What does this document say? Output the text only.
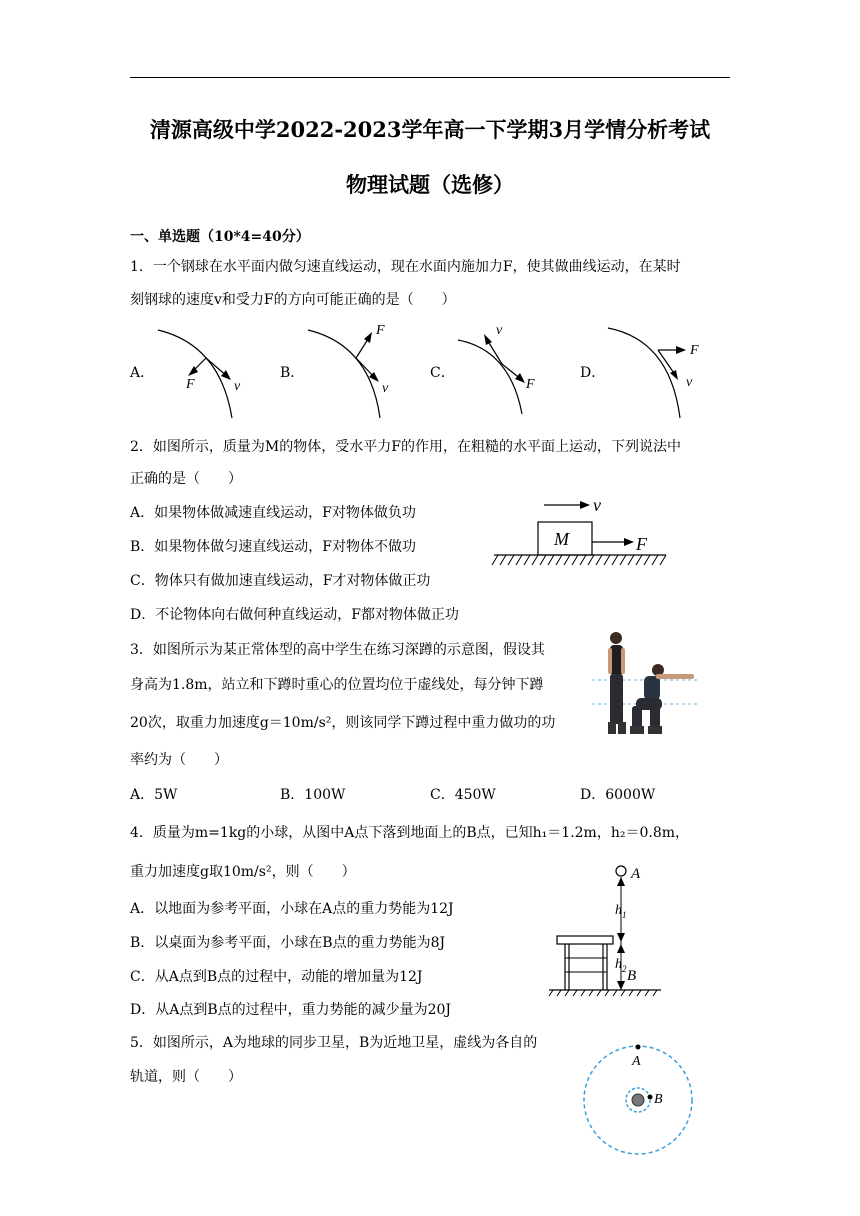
清源高级中学2022-2023学年高一下学期3月学情分析考试
物理试题（选修）
一、单选题（10*4=40分）
1．一个钢球在水平面内做匀速直线运动，现在水面内施加力F，使其做曲线运动，在某时
刻钢球的速度v和受力F的方向可能正确的是（　　）
A．	B．	C．	D．
F	v
F
v
v
F
F
v
2．如图所示，质量为M的物体，受水平力F的作用，在粗糙的水平面上运动，下列说法中
正确的是（　　）
A．如果物体做减速直线运动，F对物体做负功
B．如果物体做匀速直线运动，F对物体不做功
C．物体只有做加速直线运动，F才对物体做正功
D．不论物体向右做何种直线运动，F都对物体做正功
v
M	F
3．如图所示为某正常体型的高中学生在练习深蹲的示意图，假设其
身高为1.8m，站立和下蹲时重心的位置均位于虚线处，每分钟下蹲
20次，取重力加速度g＝10m/s²，则该同学下蹲过程中重力做功的功
率约为（　　）
A．5W	B．100W	C．450W	D．6000W
4．质量为m=1kg的小球，从图中A点下落到地面上的B点，已知h₁＝1.2m，h₂＝0.8m，
重力加速度g取10m/s²，则（　　）
A．以地面为参考平面，小球在A点的重力势能为12J
B．以桌面为参考平面，小球在B点的重力势能为8J
C．从A点到B点的过程中，动能的增加量为12J
D．从A点到B点的过程中，重力势能的减少量为20J
A
$h_1$
$h_2$ B
5．如图所示，A为地球的同步卫星，B为近地卫星，虚线为各自的
轨道，则（　　）
A
B
